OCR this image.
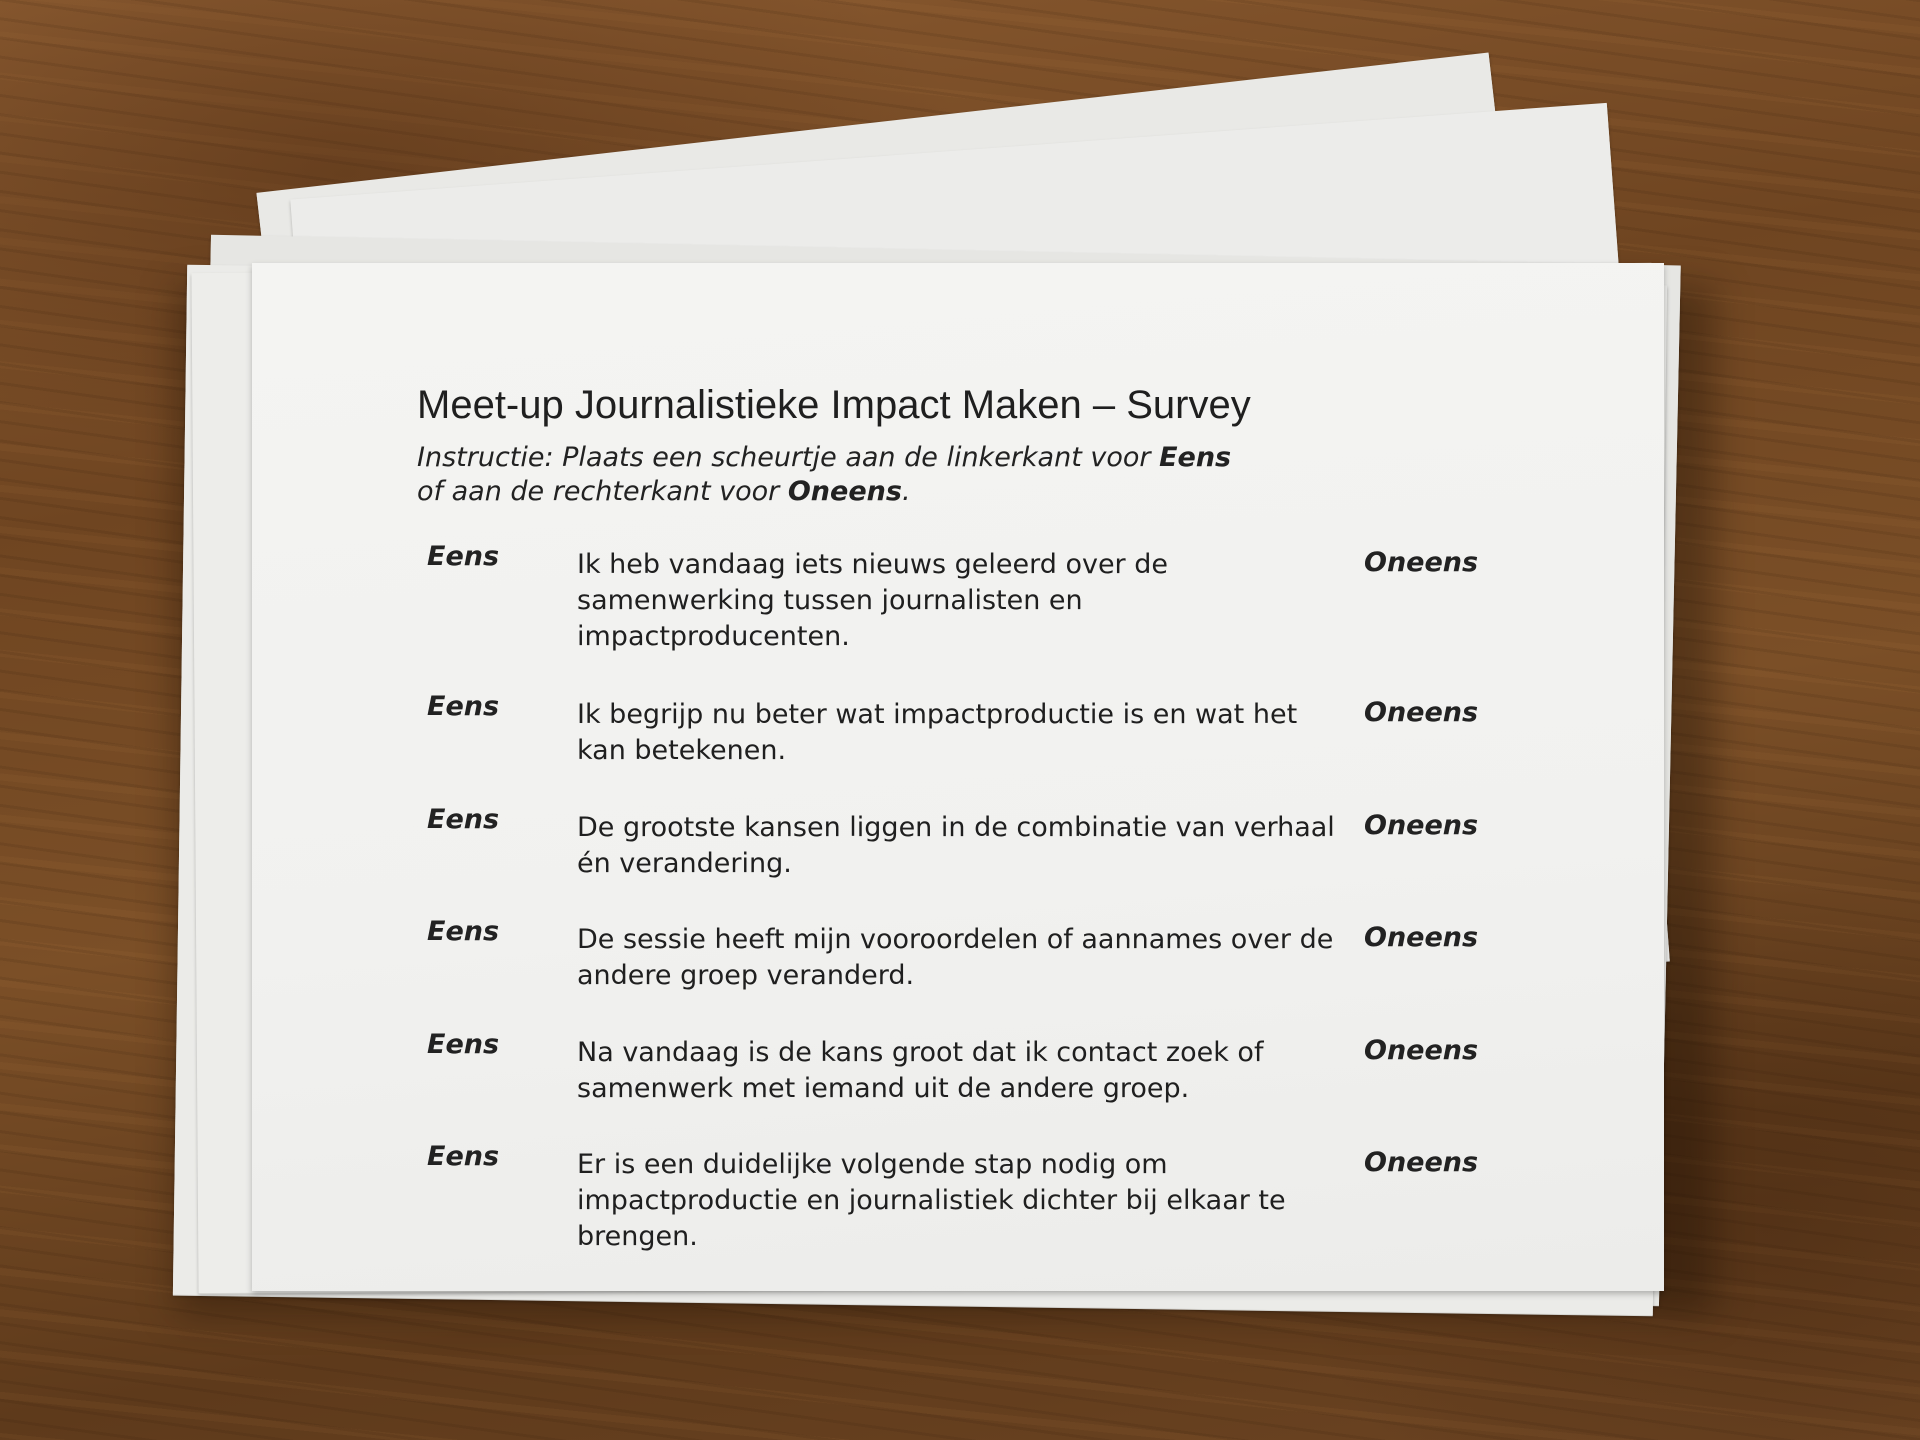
Meet-up Journalistieke Impact Maken – Survey
Instructie: Plaats een scheurtje aan de linkerkant voor Eens
of aan de rechterkant voor Oneens.
Eens	Ik heb vandaag iets nieuws geleerd over de samenwerking tussen journalisten en impactproducenten.
Oneens
Eens	Ik begrijp nu beter wat impactproductie is en wat het kan betekenen.
Oneens
Eens	De grootste kansen liggen in de combinatie van verhaal én verandering.
Oneens
Eens	De sessie heeft mijn vooroordelen of aannames over de andere groep veranderd.
Oneens
Eens	Na vandaag is de kans groot dat ik contact zoek of samenwerk met iemand uit de andere groep.
Oneens
Eens	Er is een duidelijke volgende stap nodig om impactproductie en journalistiek dichter bij elkaar te brengen.
Oneens
